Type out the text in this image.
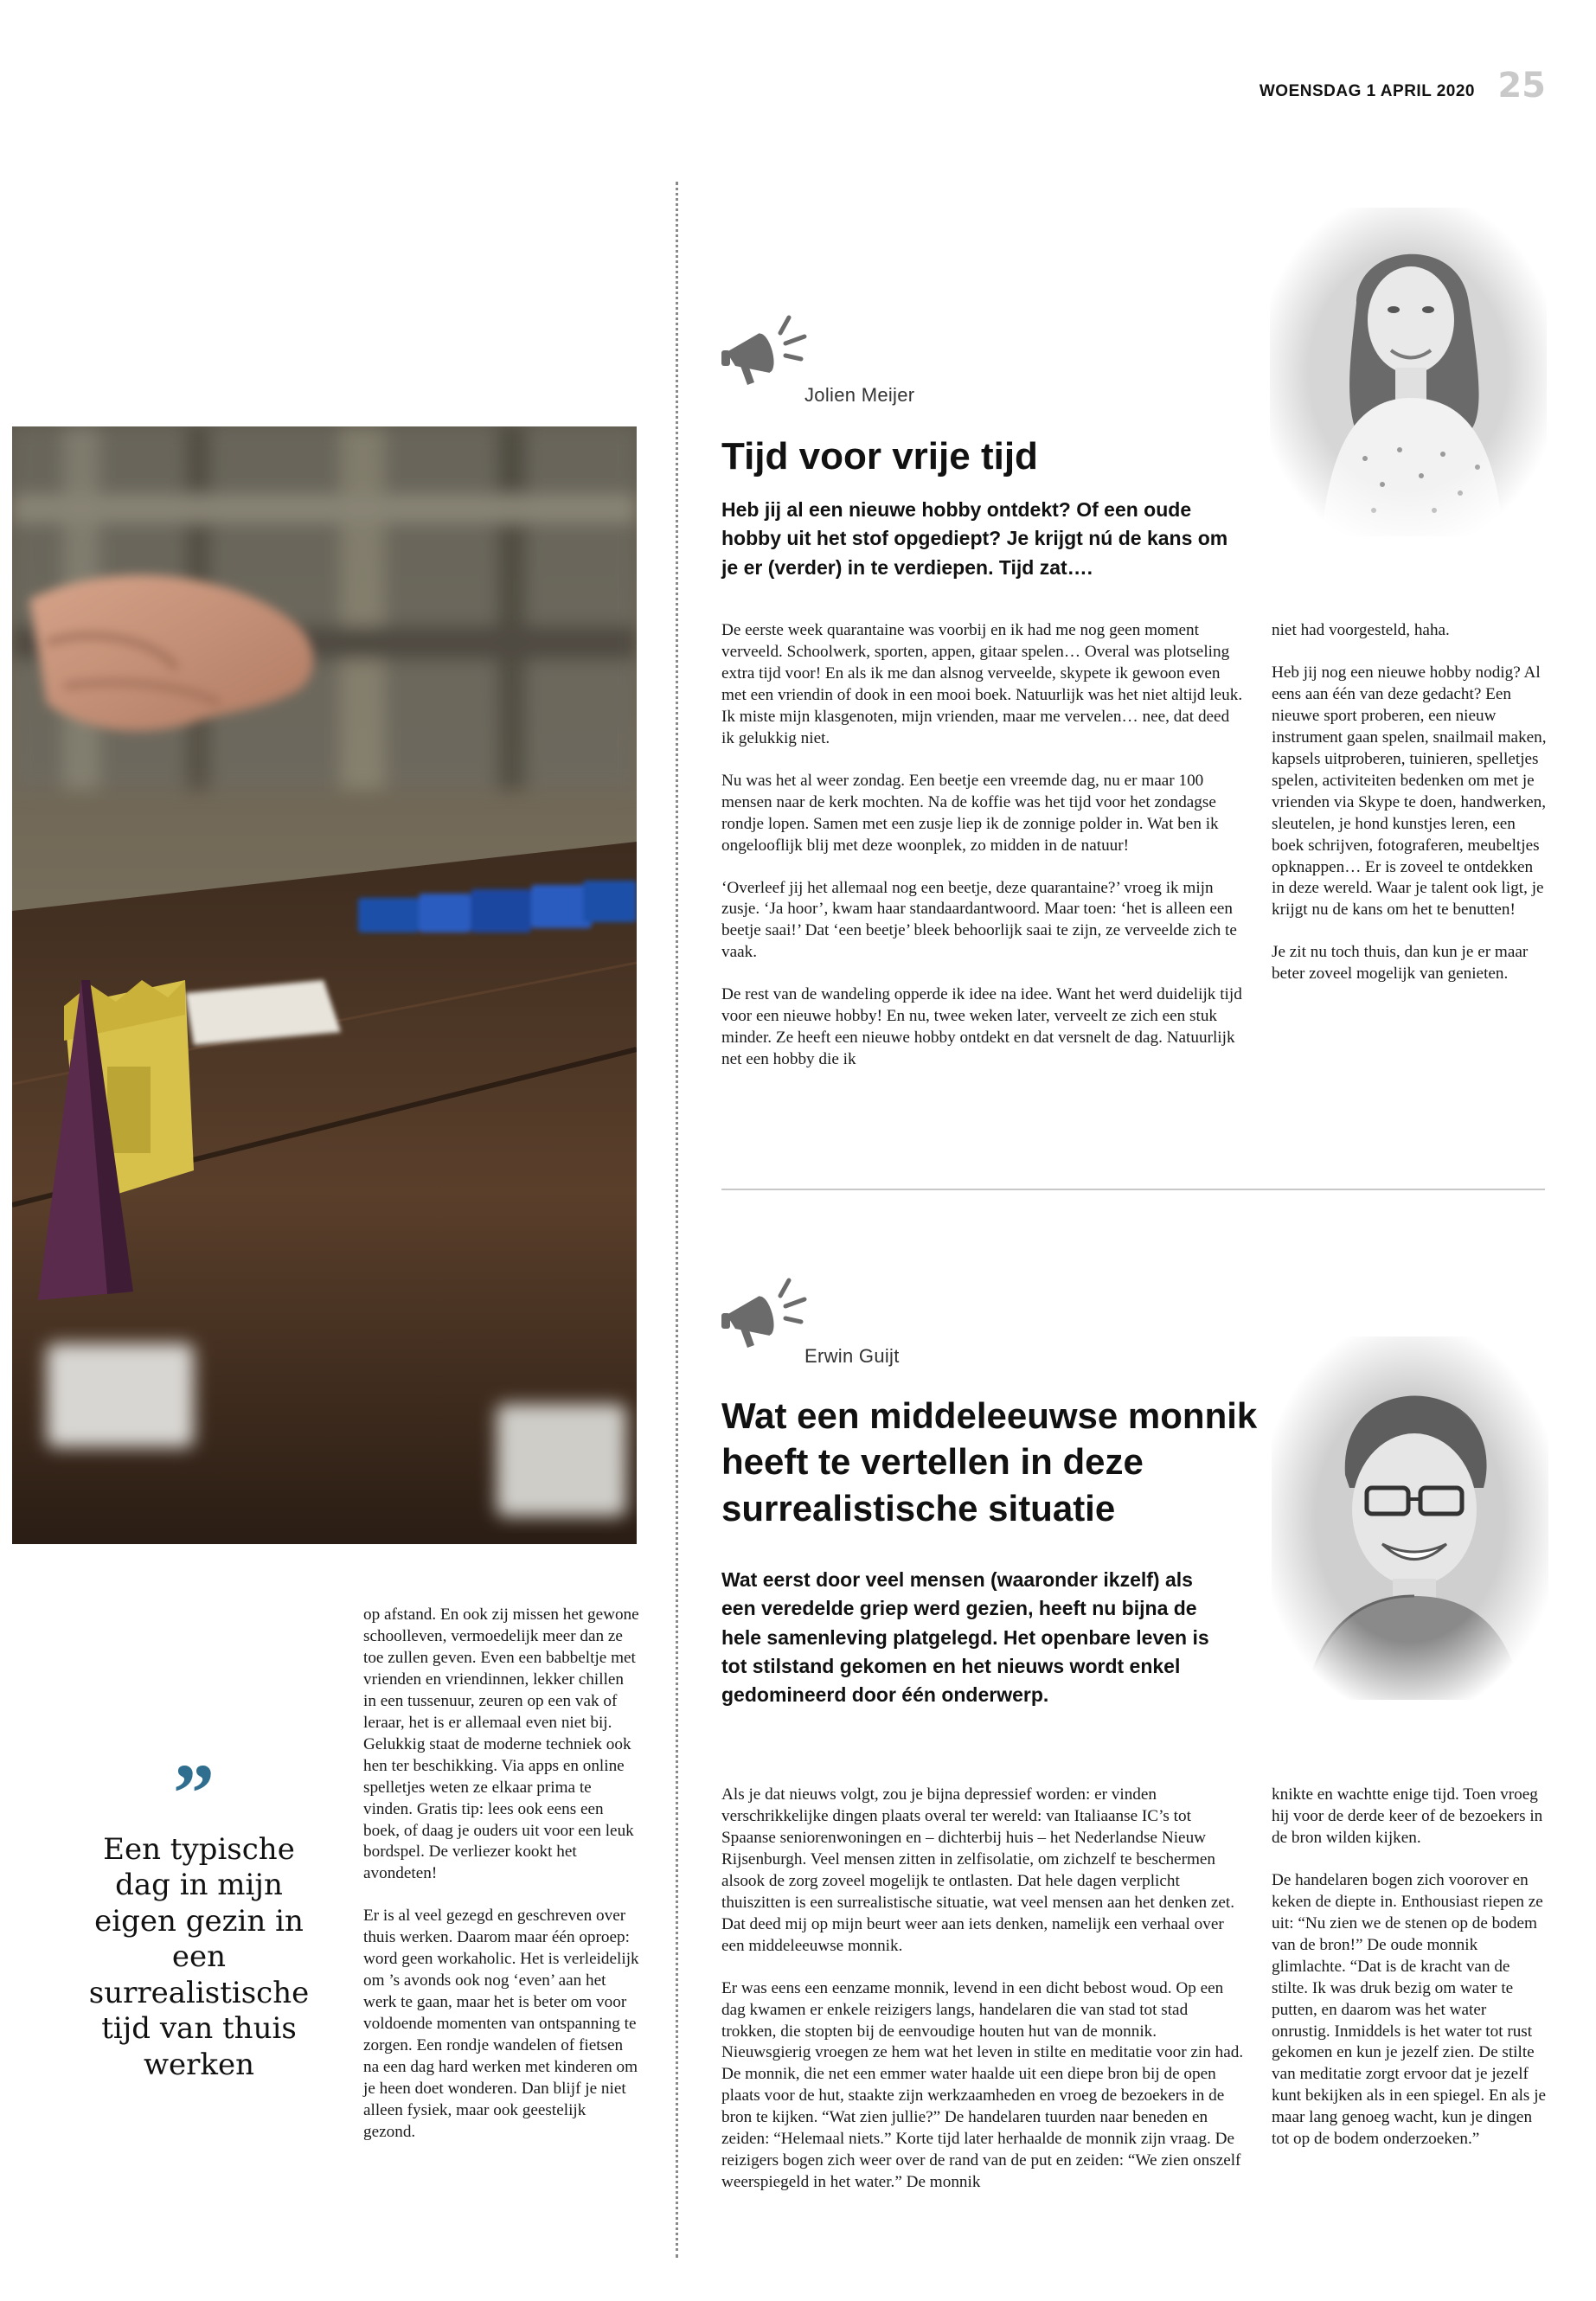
WOENSDAG 1 APRIL 2020 25
Jolien Meijer
Tijd voor vrije tijd
Heb jij al een nieuwe hobby ontdekt? Of een oude hobby uit het stof opgediept? Je krijgt nú de kans om je er (verder) in te verdiepen. Tijd zat….

De eerste week quarantaine was voorbij en ik had me nog geen moment verveeld. Schoolwerk, sporten, appen, gitaar spelen… Overal was plotseling extra tijd voor! En als ik me dan alsnog verveelde, skypete ik gewoon even met een vriendin of dook in een mooi boek. Natuurlijk was het niet altijd leuk. Ik miste mijn klasgenoten, mijn vrienden, maar me vervelen… nee, dat deed ik gelukkig niet.

Nu was het al weer zondag. Een beetje een vreemde dag, nu er maar 100 mensen naar de kerk mochten. Na de koffie was het tijd voor het zondagse rondje lopen. Samen met een zusje liep ik de zonnige polder in. Wat ben ik ongelooflijk blij met deze woonplek, zo midden in de natuur!

‘Overleef jij het allemaal nog een beetje, deze quarantaine?’ vroeg ik mijn zusje. ‘Ja hoor’, kwam haar standaardantwoord. Maar toen: ‘het is alleen een beetje saai!’ Dat ‘een beetje’ bleek behoorlijk saai te zijn, ze verveelde zich te vaak.

De rest van de wandeling opperde ik idee na idee. Want het werd duidelijk tijd voor een nieuwe hobby! En nu, twee weken later, verveelt ze zich een stuk minder. Ze heeft een nieuwe hobby ontdekt en dat versnelt de dag. Natuurlijk net een hobby die ik

niet had voorgesteld, haha.

Heb jij nog een nieuwe hobby nodig? Al eens aan één van deze gedacht? Een nieuwe sport proberen, een nieuw instrument gaan spelen, snailmail maken, kapsels uitproberen, tuinieren, spelletjes spelen, activiteiten bedenken om met je vrienden via Skype te doen, handwerken, sleutelen, je hond kunstjes leren, een boek schrijven, fotograferen, meubeltjes opknappen… Er is zoveel te ontdekken in deze wereld. Waar je talent ook ligt, je krijgt nu de kans om het te benutten!

Je zit nu toch thuis, dan kun je er maar beter zoveel mogelijk van genieten.

Erwin Guijt
Wat een middeleeuwse monnik heeft te vertellen in deze surrealistische situatie
Wat eerst door veel mensen (waaronder ikzelf) als een veredelde griep werd gezien, heeft nu bijna de hele samenleving platgelegd. Het openbare leven is tot stilstand gekomen en het nieuws wordt enkel gedomineerd door één onderwerp.

Als je dat nieuws volgt, zou je bijna depressief worden: er vinden verschrikkelijke dingen plaats overal ter wereld: van Italiaanse IC’s tot Spaanse seniorenwoningen en – dichterbij huis – het Nederlandse Nieuw Rijsenburgh. Veel mensen zitten in zelfisolatie, om zichzelf te beschermen alsook de zorg zoveel mogelijk te ontlasten. Dat hele dagen verplicht thuiszitten is een surrealistische situatie, wat veel mensen aan het denken zet. Dat deed mij op mijn beurt weer aan iets denken, namelijk een verhaal over een middeleeuwse monnik.

Er was eens een eenzame monnik, levend in een dicht bebost woud. Op een dag kwamen er enkele reizigers langs, handelaren die van stad tot stad trokken, die stopten bij de eenvoudige houten hut van de monnik. Nieuwsgierig vroegen ze hem wat het leven in stilte en meditatie voor zin had. De monnik, die net een emmer water haalde uit een diepe bron bij de open plaats voor de hut, staakte zijn werkzaamheden en vroeg de bezoekers in de bron te kijken. “Wat zien jullie?” De handelaren tuurden naar beneden en zeiden: “Helemaal niets.” Korte tijd later herhaalde de monnik zijn vraag. De reizigers bogen zich weer over de rand van de put en zeiden: “We zien onszelf weerspiegeld in het water.” De monnik

knikte en wachtte enige tijd. Toen vroeg hij voor de derde keer of de bezoekers in de bron wilden kijken.

De handelaren bogen zich voorover en keken de diepte in. Enthousiast riepen ze uit: “Nu zien we de stenen op de bodem van de bron!” De oude monnik glimlachte. “Dat is de kracht van de stilte. Ik was druk bezig om water te putten, en daarom was het water onrustig. Inmiddels is het water tot rust gekomen en kun je jezelf zien. De stilte van meditatie zorgt ervoor dat je jezelf kunt bekijken als in een spiegel. En als je maar lang genoeg wacht, kun je dingen tot op de bodem onderzoeken.”

op afstand. En ook zij missen het gewone schoolleven, vermoedelijk meer dan ze toe zullen geven. Even een babbeltje met vrienden en vriendinnen, lekker chillen in een tussenuur, zeuren op een vak of leraar, het is er allemaal even niet bij. Gelukkig staat de moderne techniek ook hen ter beschikking. Via apps en online spelletjes weten ze elkaar prima te vinden. Gratis tip: lees ook eens een boek, of daag je ouders uit voor een leuk bordspel. De verliezer kookt het avondeten!

Er is al veel gezegd en geschreven over thuis werken. Daarom maar één oproep: word geen workaholic. Het is verleidelijk om ’s avonds ook nog ‘even’ aan het werk te gaan, maar het is beter om voor voldoende momenten van ontspanning te zorgen. Een rondje wandelen of fietsen na een dag hard werken met kinderen om je heen doet wonderen. Dan blijf je niet alleen fysiek, maar ook geestelijk gezond.

”
Een typische dag in mijn eigen gezin in een surrealistische tijd van thuis werken
